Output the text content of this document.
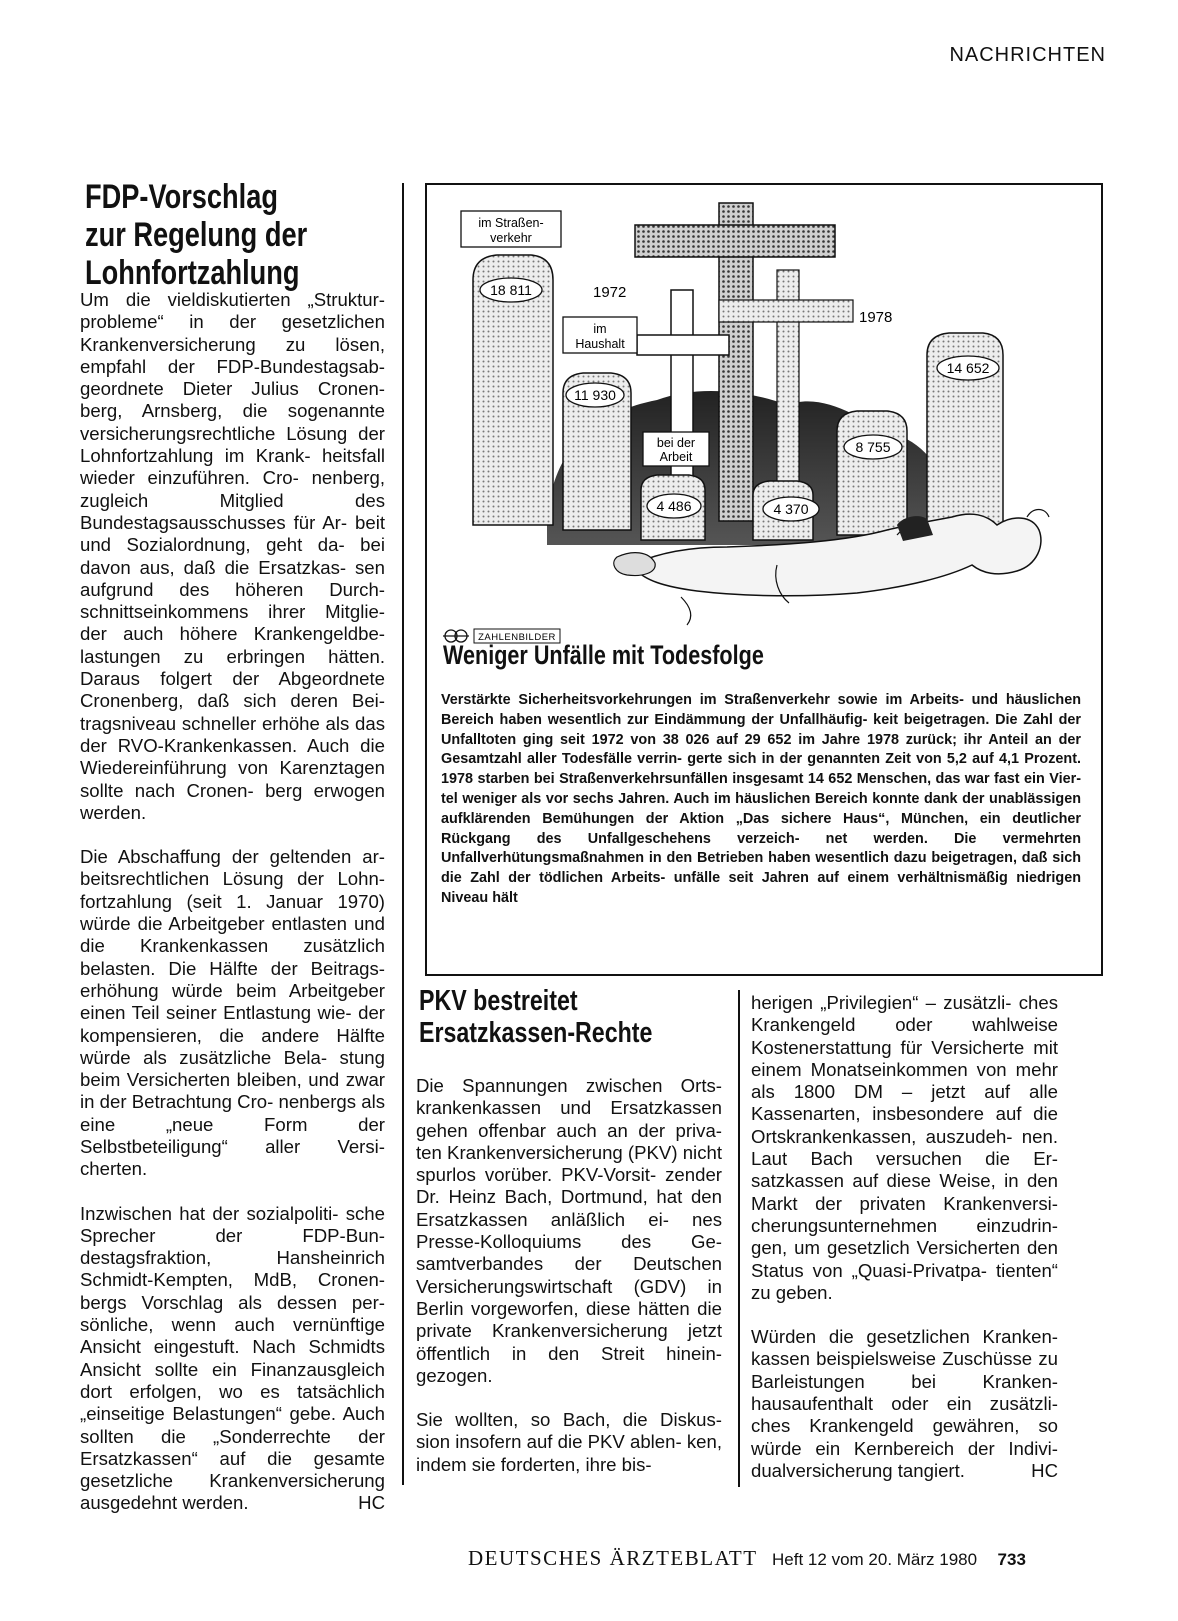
NACHRICHTEN
FDP-Vorschlag
zur Regelung der
Lohnfortzahlung

Um die vieldiskutierten „Struktur- probleme“ in der gesetzlichen Krankenversicherung zu lösen, empfahl der FDP-Bundestagsab- geordnete Dieter Julius Cronen- berg, Arnsberg, die sogenannte versicherungsrechtliche Lösung der Lohnfortzahlung im Krank- heitsfall wieder einzuführen. Cro- nenberg, zugleich Mitglied des Bundestagsausschusses für Ar- beit und Sozialordnung, geht da- bei davon aus, daß die Ersatzkas- sen aufgrund des höheren Durch- schnittseinkommens ihrer Mitglie- der auch höhere Krankengeldbe- lastungen zu erbringen hätten. Daraus folgert der Abgeordnete Cronenberg, daß sich deren Bei- tragsniveau schneller erhöhe als das der RVO-Krankenkassen. Auch die Wiedereinführung von Karenztagen sollte nach Cronen- berg erwogen werden.

Die Abschaffung der geltenden ar- beitsrechtlichen Lösung der Lohn- fortzahlung (seit 1. Januar 1970) würde die Arbeitgeber entlasten und die Krankenkassen zusätzlich belasten. Die Hälfte der Beitrags- erhöhung würde beim Arbeitgeber einen Teil seiner Entlastung wie- der kompensieren, die andere Hälfte würde als zusätzliche Bela- stung beim Versicherten bleiben, und zwar in der Betrachtung Cro- nenbergs als eine „neue Form der Selbstbeteiligung“ aller Versi- cherten.

Inzwischen hat der sozialpoliti- sche Sprecher der FDP-Bun- destagsfraktion, Hansheinrich Schmidt-Kempten, MdB, Cronen- bergs Vorschlag als dessen per- sönliche, wenn auch vernünftige Ansicht eingestuft. Nach Schmidts Ansicht sollte ein Finanzausgleich dort erfolgen, wo es tatsächlich „einseitige Belastungen“ gebe. Auch sollten die „Sonderrechte der Ersatzkassen“ auf die gesamte gesetzliche Krankenversicherung ausgedehnt werden.	HC

im Straßen-
verkehr
im
Haushalt
bei der
Arbeit
1972
1978
18 811
11 930
4 486	4 370
8 755
14 652
ZAHLENBILDER
Weniger Unfälle mit Todesfolge
Verstärkte Sicherheitsvorkehrungen im Straßenverkehr sowie im Arbeits- und häuslichen Bereich haben wesentlich zur Eindämmung der Unfallhäufig- keit beigetragen. Die Zahl der Unfalltoten ging seit 1972 von 38 026 auf 29 652 im Jahre 1978 zurück; ihr Anteil an der Gesamtzahl aller Todesfälle verrin- gerte sich in der genannten Zeit von 5,2 auf 4,1 Prozent. 1978 starben bei Straßenverkehrsunfällen insgesamt 14 652 Menschen, das war fast ein Vier- tel weniger als vor sechs Jahren. Auch im häuslichen Bereich konnte dank der unablässigen aufklärenden Bemühungen der Aktion „Das sichere Haus“, München, ein deutlicher Rückgang des Unfallgeschehens verzeich- net werden. Die vermehrten Unfallverhütungsmaßnahmen in den Betrieben haben wesentlich dazu beigetragen, daß sich die Zahl der tödlichen Arbeits- unfälle seit Jahren auf einem verhältnismäßig niedrigen Niveau hält
PKV bestreitet
Ersatzkassen-Rechte

Die Spannungen zwischen Orts- krankenkassen und Ersatzkassen gehen offenbar auch an der priva- ten Krankenversicherung (PKV) nicht spurlos vorüber. PKV-Vorsit- zender Dr. Heinz Bach, Dortmund, hat den Ersatzkassen anläßlich ei- nes Presse-Kolloquiums des Ge- samtverbandes der Deutschen Versicherungswirtschaft (GDV) in Berlin vorgeworfen, diese hätten die private Krankenversicherung jetzt öffentlich in den Streit hinein- gezogen.

Sie wollten, so Bach, die Diskus- sion insofern auf die PKV ablen- ken, indem sie forderten, ihre bis-

herigen „Privilegien“ – zusätzli- ches Krankengeld oder wahlweise Kostenerstattung für Versicherte mit einem Monatseinkommen von mehr als 1800 DM – jetzt auf alle Kassenarten, insbesondere auf die Ortskrankenkassen, auszudeh- nen. Laut Bach versuchen die Er- satzkassen auf diese Weise, in den Markt der privaten Krankenversi- cherungsunternehmen einzudrin- gen, um gesetzlich Versicherten den Status von „Quasi-Privatpa- tienten“ zu geben.

Würden die gesetzlichen Kranken- kassen beispielsweise Zuschüsse zu Barleistungen bei Kranken- hausaufenthalt oder ein zusätzli- ches Krankengeld gewähren, so würde ein Kernbereich der Indivi- dualversicherung tangiert.	HC

DEUTSCHES ÄRZTEBLATT Heft 12 vom 20. März 1980 733
